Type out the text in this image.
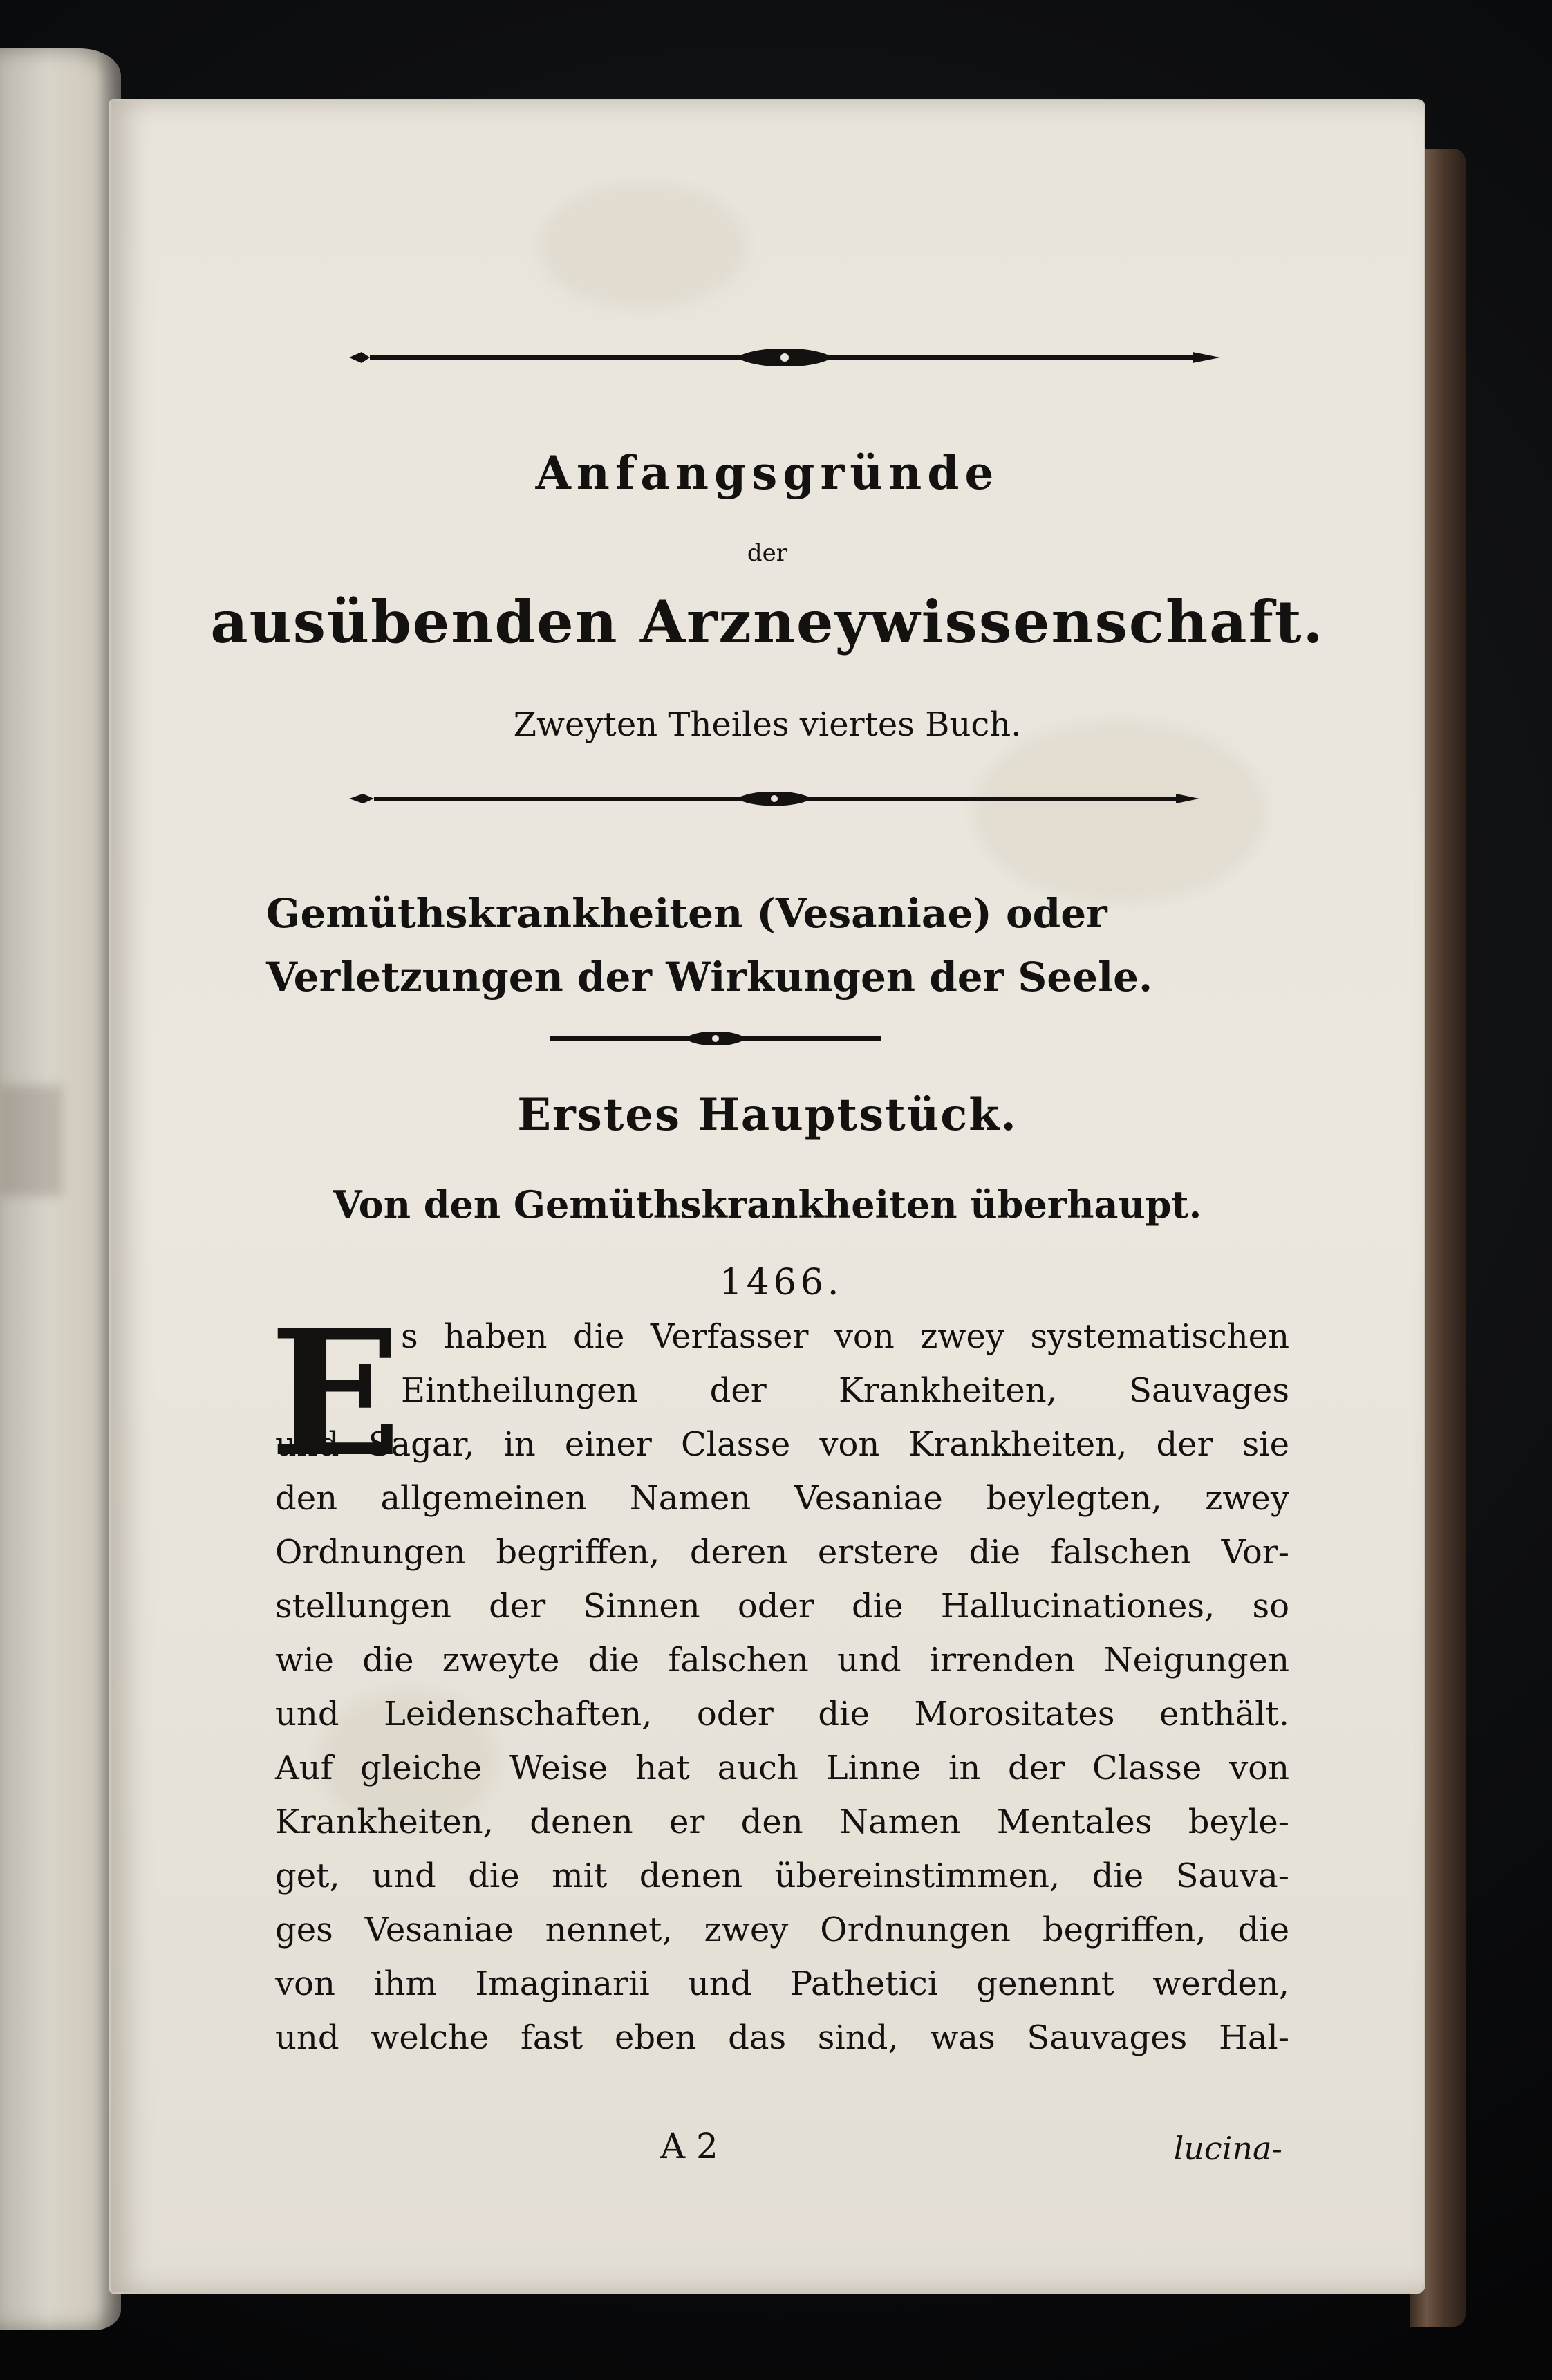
Anfangsgründe
der
ausübenden Arzneywissenschaft.
Zweyten Theiles viertes Buch.
Gemüthskrankheiten (Vesaniae) oder Verletzungen der Wirkungen der Seele.
Erstes Hauptstück.
Von den Gemüthskrankheiten überhaupt.
1466.
E s haben die Verfasser von zwey systematischen
Eintheilungen der Krankheiten, Sauvages
und Sagar, in einer Classe von Krankheiten, der sie
den allgemeinen Namen Vesaniae beylegten, zwey
Ordnungen begriffen, deren erstere die falschen Vor-
stellungen der Sinnen oder die Hallucinationes, so
wie die zweyte die falschen und irrenden Neigungen
und Leidenschaften, oder die Morositates enthält.
Auf gleiche Weise hat auch Linne in der Classe von
Krankheiten, denen er den Namen Mentales beyle-
get, und die mit denen übereinstimmen, die Sauva-
ges Vesaniae nennet, zwey Ordnungen begriffen, die
von ihm Imaginarii und Pathetici genennt werden,
und welche fast eben das sind, was Sauvages Hal-
A 2	lucina-
